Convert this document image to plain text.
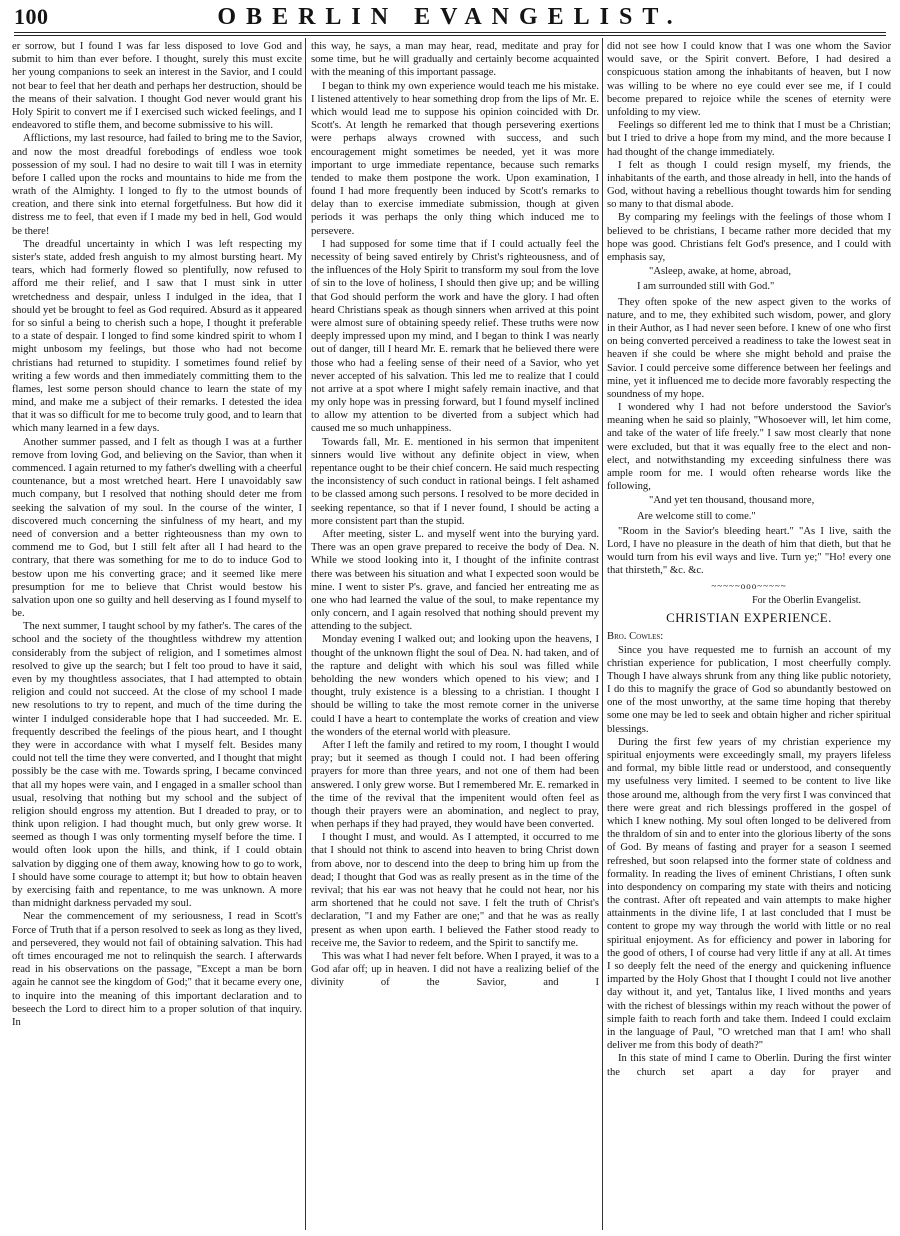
100	OBERLIN EVANGELIST.

er sorrow, but I found I was far less disposed to love God and submit to him than ever before. I thought, surely this must excite her young companions to seek an interest in the Savior, and I could not bear to feel that her death and perhaps her destruction, should be the means of their salvation. I thought God never would grant his Holy Spirit to convert me if I exercised such wicked feelings, and I endeavored to stifle them, and become submissive to his will.

Afflictions, my last resource, had failed to bring me to the Savior, and now the most dreadful forebodings of endless woe took possession of my soul. I had no desire to wait till I was in eternity before I called upon the rocks and mountains to hide me from the wrath of the Almighty. I longed to fly to the utmost bounds of creation, and there sink into eternal forgetfulness. But how did it distress me to feel, that even if I made my bed in hell, God would be there!

The dreadful uncertainty in which I was left respecting my sister's state, added fresh anguish to my almost bursting heart. My tears, which had formerly flowed so plentifully, now refused to afford me their relief, and I saw that I must sink in utter wretchedness and despair, unless I indulged in the idea, that I should yet be brought to feel as God required. Absurd as it appeared for so sinful a being to cherish such a hope, I thought it preferable to a state of despair. I longed to find some kindred spirit to whom I might unbosom my feelings, but those who had not become christians had returned to stupidity. I sometimes found relief by writing a few words and then immediately committing them to the flames, lest some person should chance to learn the state of my mind, and make me a subject of their remarks. I detested the idea that it was so difficult for me to become truly good, and to learn that which many learned in a few days.

Another summer passed, and I felt as though I was at a further remove from loving God, and believing on the Savior, than when it commenced. I again returned to my father's dwelling with a cheerful countenance, but a most wretched heart. Here I unavoidably saw much company, but I resolved that nothing should deter me from seeking the salvation of my soul. In the course of the winter, I discovered much concerning the sinfulness of my heart, and my need of conversion and a better righteousness than my own to commend me to God, but I still felt after all I had heard to the contrary, that there was something for me to do to induce God to bestow upon me his converting grace; and it seemed like mere presumption for me to believe that Christ would bestow his salvation upon one so guilty and hell deserving as I found myself to be.

The next summer, I taught school by my father's. The cares of the school and the society of the thoughtless withdrew my attention considerably from the subject of religion, and I sometimes almost resolved to give up the search; but I felt too proud to have it said, even by my thoughtless associates, that I had attempted to obtain religion and could not succeed. At the close of my school I made new resolutions to try to repent, and much of the time during the winter I indulged considerable hope that I had succeeded. Mr. E. frequently described the feelings of the pious heart, and I thought they were in accordance with what I myself felt. Besides many could not tell the time they were converted, and I thought that might possibly be the case with me. Towards spring, I became convinced that all my hopes were vain, and I engaged in a smaller school than usual, resolving that nothing but my school and the subject of religion should engross my attention. But I dreaded to pray, or to think upon religion. I had thought much, but only grew worse. It seemed as though I was only tormenting myself before the time. I would often look upon the hills, and think, if I could obtain salvation by digging one of them away, knowing how to go to work, I should have some courage to attempt it; but how to obtain heaven by exercising faith and repentance, to me was unknown. A more than midnight darkness pervaded my soul.

Near the commencement of my seriousness, I read in Scott's Force of Truth that if a person resolved to seek as long as they lived, and persevered, they would not fail of obtaining salvation. This had oft times encouraged me not to relinquish the search. I afterwards read in his observations on the passage, "Except a man be born again he cannot see the kingdom of God;" that it became every one, to inquire into the meaning of this important declaration and to beseech the Lord to direct him to a proper solution of that inquiry. In

this way, he says, a man may hear, read, meditate and pray for some time, but he will gradually and certainly become acquainted with the meaning of this important passage.

I began to think my own experience would teach me his mistake. I listened attentively to hear something drop from the lips of Mr. E. which would lead me to suppose his opinion coincided with Dr. Scott's. At length he remarked that though persevering exertions were perhaps always crowned with success, and such encouragement might sometimes be needed, yet it was more important to urge immediate repentance, because such remarks tended to make them postpone the work. Upon examination, I found I had more frequently been induced by Scott's remarks to delay than to exercise immediate submission, though at given periods it was perhaps the only thing which induced me to persevere.

I had supposed for some time that if I could actually feel the necessity of being saved entirely by Christ's righteousness, and of the influences of the Holy Spirit to transform my soul from the love of sin to the love of holiness, I should then give up; and be willing that God should perform the work and have the glory. I had often heard Christians speak as though sinners when arrived at this point were almost sure of obtaining speedy relief. These truths were now deeply impressed upon my mind, and I began to think I was nearly out of danger, till I heard Mr. E. remark that he believed there were those who had a feeling sense of their need of a Savior, who yet never accepted of his salvation. This led me to realize that I could not arrive at a spot where I might safely remain inactive, and that my only hope was in pressing forward, but I found myself inclined to allow my attention to be diverted from a subject which had caused me so much unhappiness.

Towards fall, Mr. E. mentioned in his sermon that impenitent sinners would live without any definite object in view, when repentance ought to be their chief concern. He said much respecting the inconsistency of such conduct in rational beings. I felt ashamed to be classed among such persons. I resolved to be more decided in seeking repentance, so that if I never found, I should be acting a more consistent part than the stupid.

After meeting, sister L. and myself went into the burying yard. There was an open grave prepared to receive the body of Dea. N. While we stood looking into it, I thought of the infinite contrast there was between his situation and what I expected soon would be mine. I went to sister P's. grave, and fancied her entreating me as one who had learned the value of the soul, to make repentance my only concern, and I again resolved that nothing should prevent my attending to the subject.

Monday evening I walked out; and looking upon the heavens, I thought of the unknown flight the soul of Dea. N. had taken, and of the rapture and delight with which his soul was filled while beholding the new wonders which opened to his view; and I thought, truly existence is a blessing to a christian. I thought I should be willing to take the most remote corner in the universe could I have a heart to contemplate the works of creation and view the wonders of the eternal world with pleasure.

After I left the family and retired to my room, I thought I would pray; but it seemed as though I could not. I had been offering prayers for more than three years, and not one of them had been answered. I only grew worse. But I remembered Mr. E. remarked in the time of the revival that the impenitent would often feel as though their prayers were an abomination, and neglect to pray, when perhaps if they had prayed, they would have been converted.

I thought I must, and would. As I attempted, it occurred to me that I should not think to ascend into heaven to bring Christ down from above, nor to descend into the deep to bring him up from the dead; I thought that God was as really present as in the time of the revival; that his ear was not heavy that he could not hear, nor his arm shortened that he could not save. I felt the truth of Christ's declaration, "I and my Father are one;" and that he was as really present as when upon earth. I believed the Father stood ready to receive me, the Savior to redeem, and the Spirit to sanctify me.

This was what I had never felt before. When I prayed, it was to a God afar off; up in heaven. I did not have a realizing belief of the divinity of the Savior, and I

did not see how I could know that I was one whom the Savior would save, or the Spirit convert. Before, I had desired a conspicuous station among the inhabitants of heaven, but I now was willing to be where no eye could ever see me, if I could become prepared to rejoice while the scenes of eternity were unfolding to my view.

Feelings so different led me to think that I must be a Christian; but I tried to drive a hope from my mind, and the more because I had thought of the change immediately.

I felt as though I could resign myself, my friends, the inhabitants of the earth, and those already in hell, into the hands of God, without having a rebellious thought towards him for sending so many to that dismal abode.

By comparing my feelings with the feelings of those whom I believed to be christians, I became rather more decided that my hope was good. Christians felt God's presence, and I could with emphasis say,

"Asleep, awake, at home, abroad,

I am surrounded still with God."

They often spoke of the new aspect given to the works of nature, and to me, they exhibited such wisdom, power, and glory in their Author, as I had never seen before. I knew of one who first on being converted perceived a readiness to take the lowest seat in heaven if she could be where she might behold and praise the Savior. I could perceive some difference between her feelings and mine, yet it influenced me to decide more favorably respecting the soundness of my hope.

I wondered why I had not before understood the Savior's meaning when he said so plainly, "Whosoever will, let him come, and take of the water of life freely." I saw most clearly that none were excluded, but that it was equally free to the elect and non-elect, and notwithstanding my exceeding sinfulness there was ample room for me. I would often rehearse words like the following,

"And yet ten thousand, thousand more,

Are welcome still to come."

"Room in the Savior's bleeding heart." "As I live, saith the Lord, I have no pleasure in the death of him that dieth, but that he would turn from his evil ways and live. Turn ye;" "Ho! every one that thirsteth," &c. &c.

~~~~~ooo~~~~~

For the Oberlin Evangelist.

CHRISTIAN EXPERIENCE.

Bro. Cowles:

Since you have requested me to furnish an account of my christian experience for publication, I most cheerfully comply. Though I have always shrunk from any thing like public notoriety, I do this to magnify the grace of God so abundantly bestowed on one of the most unworthy, at the same time hoping that thereby some one may be led to seek and obtain higher and richer spiritual blessings.

During the first few years of my christian experience my spiritual enjoyments were exceedingly small, my prayers lifeless and formal, my bible little read or understood, and consequently my usefulness very limited. I seemed to be content to live like those around me, although from the very first I was convinced that there were great and rich blessings proffered in the gospel of which I knew nothing. My soul often longed to be delivered from the thraldom of sin and to enter into the glorious liberty of the sons of God. By means of fasting and prayer for a season I seemed refreshed, but soon relapsed into the former state of coldness and formality. In reading the lives of eminent Christians, I often sunk into despondency on comparing my state with theirs and noticing the contrast. After oft repeated and vain attempts to make higher attainments in the divine life, I at last concluded that I must be content to grope my way through the world with little or no real spiritual enjoyment. As for efficiency and power in laboring for the good of others, I of course had very little if any at all. At times I so deeply felt the need of the energy and quickening influence imparted by the Holy Ghost that I thought I could not live another day without it, and yet, Tantalus like, I lived months and years with the richest of blessings within my reach without the power of simple faith to reach forth and take them. Indeed I could exclaim in the language of Paul, "O wretched man that I am! who shall deliver me from this body of death?"

In this state of mind I came to Oberlin. During the first winter the church set apart a day for prayer and
